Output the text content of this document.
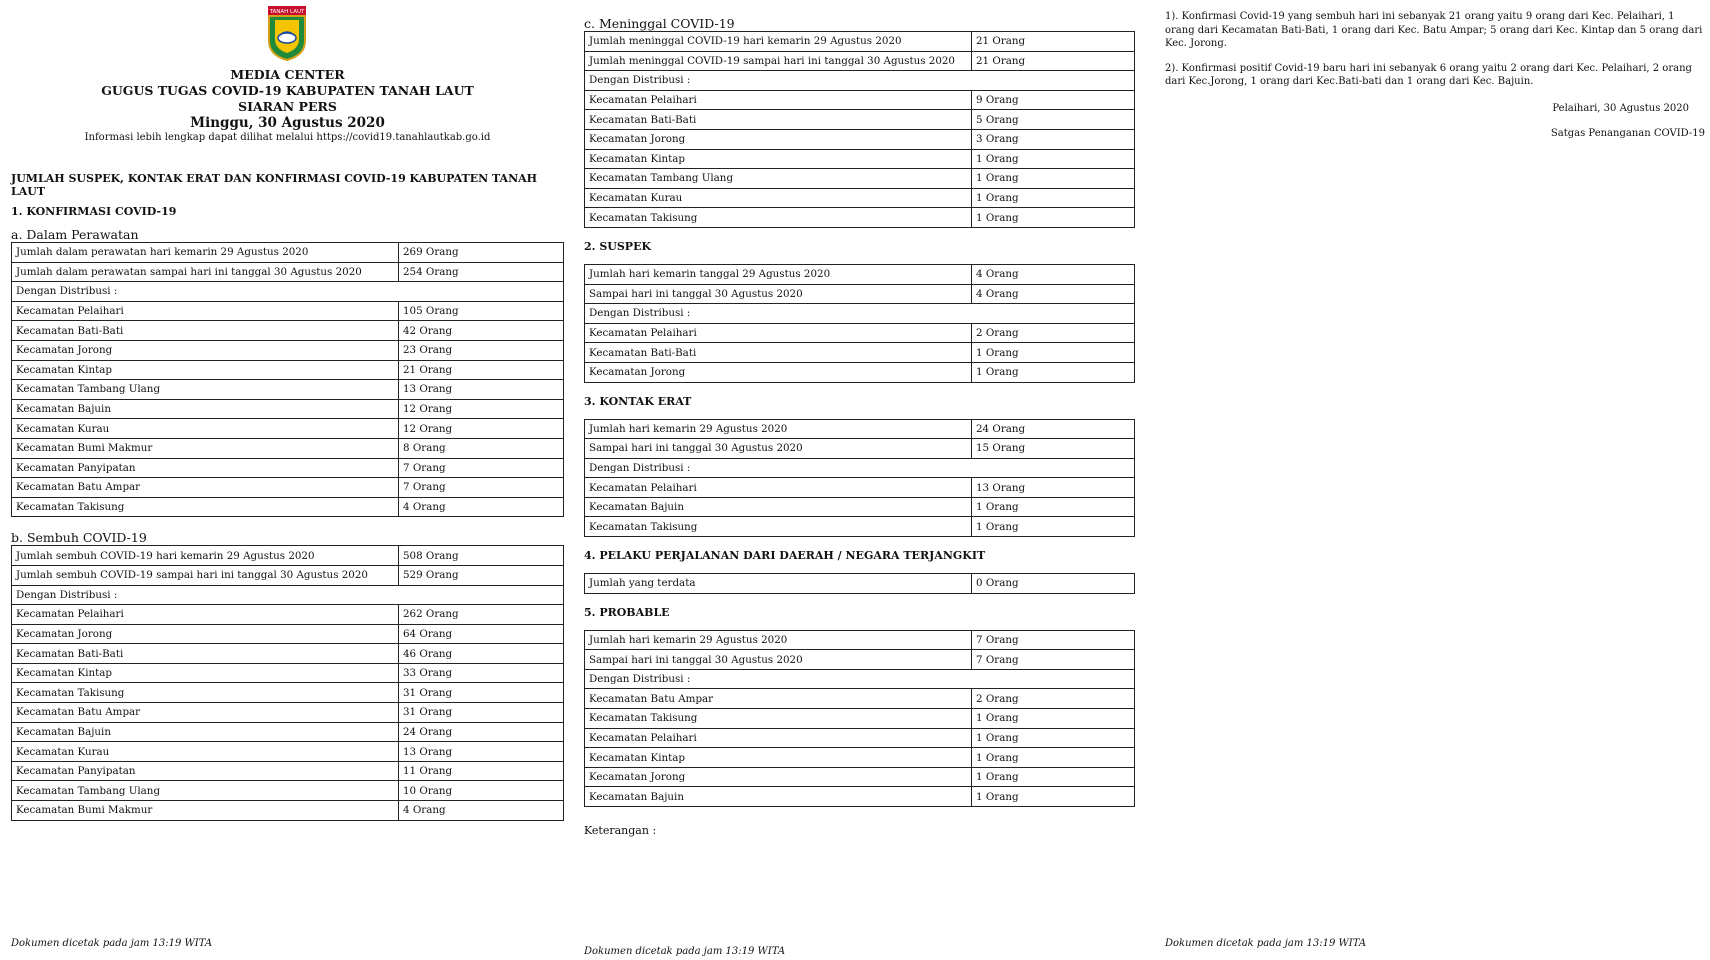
TANAH LAUT
MEDIA CENTER
GUGUS TUGAS COVID-19 KABUPATEN TANAH LAUT
SIARAN PERS
Minggu, 30 Agustus 2020
Informasi lebih lengkap dapat dilihat melalui https://covid19.tanahlautkab.go.id
JUMLAH SUSPEK, KONTAK ERAT DAN KONFIRMASI COVID-19 KABUPATEN TANAH LAUT
1. KONFIRMASI COVID-19
a. Dalam Perawatan
Jumlah dalam perawatan hari kemarin 29 Agustus 2020	269 Orang
Jumlah dalam perawatan sampai hari ini tanggal 30 Agustus 2020	254 Orang
Dengan Distribusi :	
Kecamatan Pelaihari	105 Orang
Kecamatan Bati-Bati	42 Orang
Kecamatan Jorong	23 Orang
Kecamatan Kintap	21 Orang
Kecamatan Tambang Ulang	13 Orang
Kecamatan Bajuin	12 Orang
Kecamatan Kurau	12 Orang
Kecamatan Bumi Makmur	8 Orang
Kecamatan Panyipatan	7 Orang
Kecamatan Batu Ampar	7 Orang
Kecamatan Takisung	4 Orang
b. Sembuh COVID-19
Jumlah sembuh COVID-19 hari kemarin 29 Agustus 2020	508 Orang
Jumlah sembuh COVID-19 sampai hari ini tanggal 30 Agustus 2020	529 Orang
Dengan Distribusi :	
Kecamatan Pelaihari	262 Orang
Kecamatan Jorong	64 Orang
Kecamatan Bati-Bati	46 Orang
Kecamatan Kintap	33 Orang
Kecamatan Takisung	31 Orang
Kecamatan Batu Ampar	31 Orang
Kecamatan Bajuin	24 Orang
Kecamatan Kurau	13 Orang
Kecamatan Panyipatan	11 Orang
Kecamatan Tambang Ulang	10 Orang
Kecamatan Bumi Makmur	4 Orang
c. Meninggal COVID-19
Jumlah meninggal COVID-19 hari kemarin 29 Agustus 2020	21 Orang
Jumlah meninggal COVID-19 sampai hari ini tanggal 30 Agustus 2020	21 Orang
Dengan Distribusi :	
Kecamatan Pelaihari	9 Orang
Kecamatan Bati-Bati	5 Orang
Kecamatan Jorong	3 Orang
Kecamatan Kintap	1 Orang
Kecamatan Tambang Ulang	1 Orang
Kecamatan Kurau	1 Orang
Kecamatan Takisung	1 Orang
2. SUSPEK
Jumlah hari kemarin tanggal 29 Agustus 2020	4 Orang
Sampai hari ini tanggal 30 Agustus 2020	4 Orang
Dengan Distribusi :	
Kecamatan Pelaihari	2 Orang
Kecamatan Bati-Bati	1 Orang
Kecamatan Jorong	1 Orang
3. KONTAK ERAT
Jumlah hari kemarin 29 Agustus 2020	24 Orang
Sampai hari ini tanggal 30 Agustus 2020	15 Orang
Dengan Distribusi :	
Kecamatan Pelaihari	13 Orang
Kecamatan Bajuin	1 Orang
Kecamatan Takisung	1 Orang
4. PELAKU PERJALANAN DARI DAERAH / NEGARA TERJANGKIT
Jumlah yang terdata	0 Orang
5. PROBABLE
Jumlah hari kemarin 29 Agustus 2020	7 Orang
Sampai hari ini tanggal 30 Agustus 2020	7 Orang
Dengan Distribusi :	
Kecamatan Batu Ampar	2 Orang
Kecamatan Takisung	1 Orang
Kecamatan Pelaihari	1 Orang
Kecamatan Kintap	1 Orang
Kecamatan Jorong	1 Orang
Kecamatan Bajuin	1 Orang
Keterangan :

1). Konfirmasi Covid-19 yang sembuh hari ini sebanyak 21 orang yaitu 9 orang dari Kec. Pelaihari, 1 orang dari Kecamatan Bati-Bati, 1 orang dari Kec. Batu Ampar; 5 orang dari Kec. Kintap dan 5 orang dari Kec. Jorong.

2). Konfirmasi positif Covid-19 baru hari ini sebanyak 6 orang yaitu 2 orang dari Kec. Pelaihari, 2 orang dari Kec.Jorong, 1 orang dari Kec.Bati-bati dan 1 orang dari Kec. Bajuin.

Pelaihari, 30 Agustus 2020
Satgas Penanganan COVID-19
Dokumen dicetak pada jam 13:19 WITA
Dokumen dicetak pada jam 13:19 WITA
Dokumen dicetak pada jam 13:19 WITA
